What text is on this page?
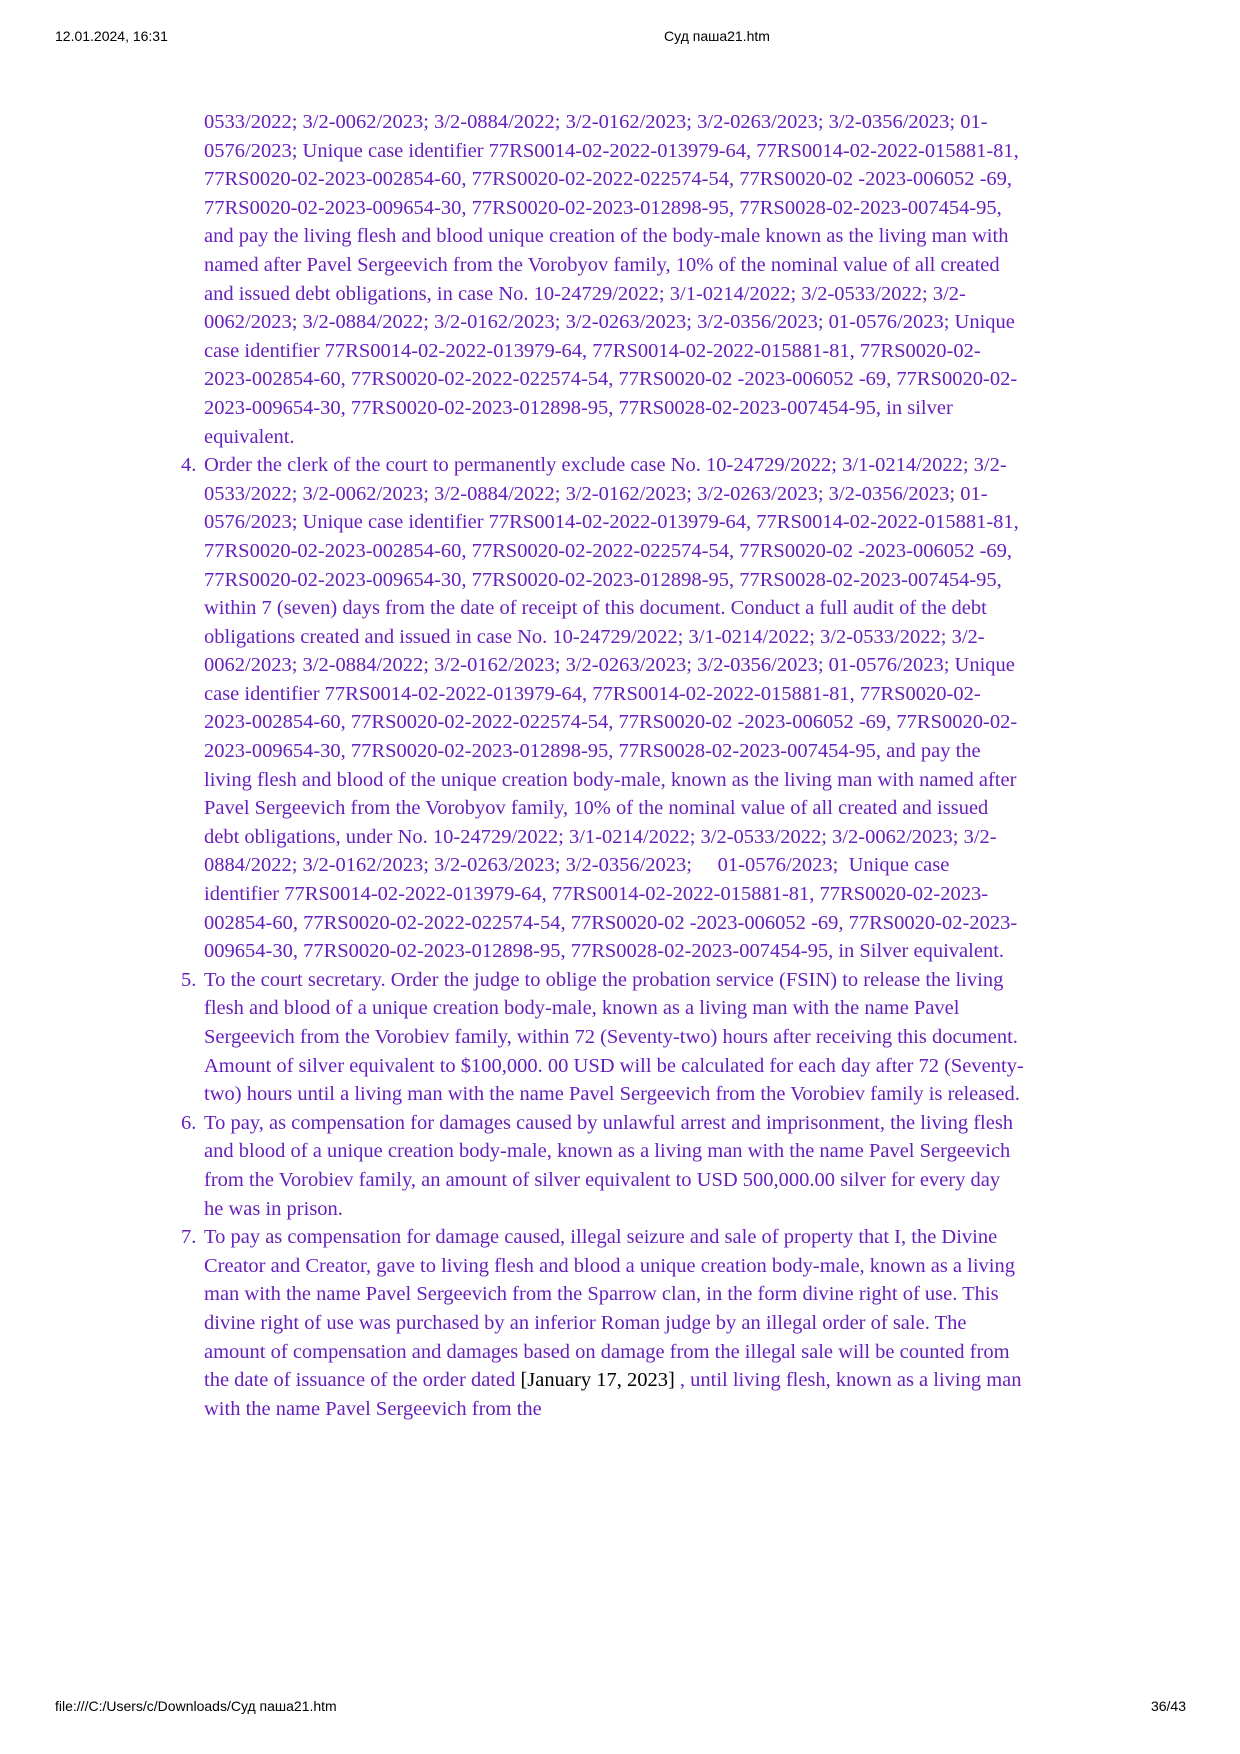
12.01.2024, 16:31	Суд паша21.htm
0533/2022; 3/2-0062/2023; 3/2-0884/2022; 3/2-0162/2023; 3/2-0263/2023; 3/2-0356/2023; 01-0576/2023; Unique case identifier 77RS0014-02-2022-013979-64, 77RS0014-02-2022-015881-81, 77RS0020-02-2023-002854-60, 77RS0020-02-2022-022574-54, 77RS0020-02 -2023-006052 -69, 77RS0020-02-2023-009654-30, 77RS0020-02-2023-012898-95, 77RS0028-02-2023-007454-95, and pay the living flesh and blood unique creation of the body-male known as the living man with named after Pavel Sergeevich from the Vorobyov family, 10% of the nominal value of all created and issued debt obligations, in case No. 10-24729/2022; 3/1-0214/2022; 3/2-0533/2022; 3/2-0062/2023; 3/2-0884/2022; 3/2-0162/2023; 3/2-0263/2023; 3/2-0356/2023; 01-0576/2023; Unique case identifier 77RS0014-02-2022-013979-64, 77RS0014-02-2022-015881-81, 77RS0020-02-2023-002854-60, 77RS0020-02-2022-022574-54, 77RS0020-02 -2023-006052 -69, 77RS0020-02-2023-009654-30, 77RS0020-02-2023-012898-95, 77RS0028-02-2023-007454-95, in silver equivalent.
4. Order the clerk of the court to permanently exclude case No. 10-24729/2022; 3/1-0214/2022; 3/2-0533/2022; 3/2-0062/2023; 3/2-0884/2022; 3/2-0162/2023; 3/2-0263/2023; 3/2-0356/2023; 01-0576/2023; Unique case identifier 77RS0014-02-2022-013979-64, 77RS0014-02-2022-015881-81, 77RS0020-02-2023-002854-60, 77RS0020-02-2022-022574-54, 77RS0020-02 -2023-006052 -69, 77RS0020-02-2023-009654-30, 77RS0020-02-2023-012898-95, 77RS0028-02-2023-007454-95, within 7 (seven) days from the date of receipt of this document. Conduct a full audit of the debt obligations created and issued in case No. 10-24729/2022; 3/1-0214/2022; 3/2-0533/2022; 3/2-0062/2023; 3/2-0884/2022; 3/2-0162/2023; 3/2-0263/2023; 3/2-0356/2023; 01-0576/2023; Unique case identifier 77RS0014-02-2022-013979-64, 77RS0014-02-2022-015881-81, 77RS0020-02-2023-002854-60, 77RS0020-02-2022-022574-54, 77RS0020-02 -2023-006052 -69, 77RS0020-02-2023-009654-30, 77RS0020-02-2023-012898-95, 77RS0028-02-2023-007454-95, and pay the living flesh and blood of the unique creation body-male, known as the living man with named after Pavel Sergeevich from the Vorobyov family, 10% of the nominal value of all created and issued debt obligations, under No. 10-24729/2022; 3/1-0214/2022; 3/2-0533/2022; 3/2-0062/2023; 3/2-0884/2022; 3/2-0162/2023; 3/2-0263/2023; 3/2-0356/2023;     01-0576/2023;  Unique case identifier 77RS0014-02-2022-013979-64, 77RS0014-02-2022-015881-81, 77RS0020-02-2023-002854-60, 77RS0020-02-2022-022574-54, 77RS0020-02 -2023-006052 -69, 77RS0020-02-2023-009654-30, 77RS0020-02-2023-012898-95, 77RS0028-02-2023-007454-95, in Silver equivalent.
5. To the court secretary. Order the judge to oblige the probation service (FSIN) to release the living flesh and blood of a unique creation body-male, known as a living man with the name Pavel Sergeevich from the Vorobiev family, within 72 (Seventy-two) hours after receiving this document. Amount of silver equivalent to $100,000. 00 USD will be calculated for each day after 72 (Seventy-two) hours until a living man with the name Pavel Sergeevich from the Vorobiev family is released.
6. To pay, as compensation for damages caused by unlawful arrest and imprisonment, the living flesh and blood of a unique creation body-male, known as a living man with the name Pavel Sergeevich from the Vorobiev family, an amount of silver equivalent to USD 500,000.00 silver for every day he was in prison.
7. To pay as compensation for damage caused, illegal seizure and sale of property that I, the Divine Creator and Creator, gave to living flesh and blood a unique creation body-male, known as a living man with the name Pavel Sergeevich from the Sparrow clan, in the form divine right of use. This divine right of use was purchased by an inferior Roman judge by an illegal order of sale. The amount of compensation and damages based on damage from the illegal sale will be counted from the date of issuance of the order dated [January 17, 2023] , until living flesh, known as a living man with the name Pavel Sergeevich from the
file:///C:/Users/c/Downloads/Суд паша21.htm	36/43
